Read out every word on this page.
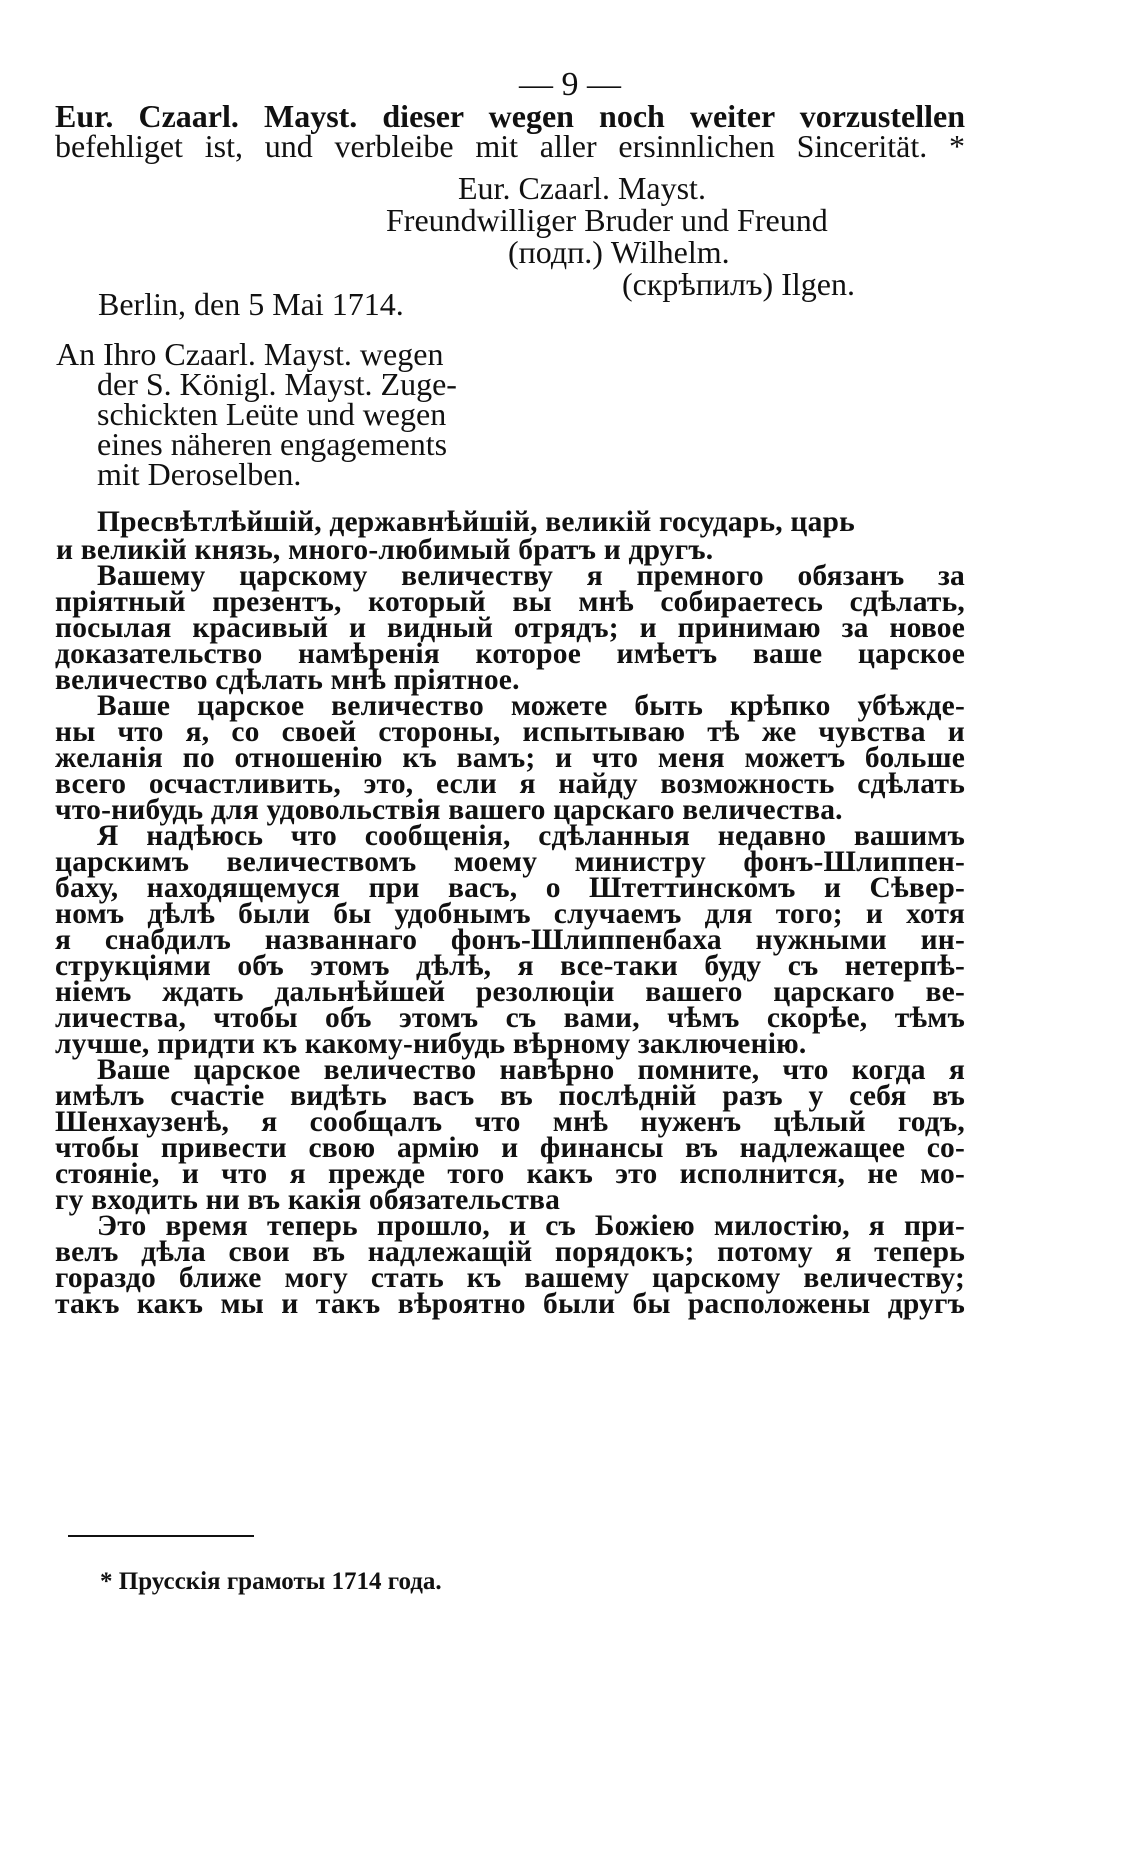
— 9 —
Eur. Czaarl. Mayst. dieser wegen noch weiter vorzustellen
befehliget ist, und verbleibe mit aller ersinnlichen Sincerität. *
Eur. Czaarl. Mayst.
Freundwilliger Bruder und Freund
(подп.) Wilhelm.
(скрѣпилъ) Ilgen.
Berlin, den 5 Mai 1714.
An Ihro Czaarl. Mayst. wegen
der S. Königl. Mayst. Zuge-
schickten Leüte und wegen
eines näheren engagements
mit Deroselben.
Пресвѣтлѣйшій, державнѣйшій, великій государь, царь
и великій князь, много-любимый братъ и другъ.
Вашему царскому величеству я премного обязанъ за
пріятный презентъ, который вы мнѣ собираетесь сдѣлать,
посылая красивый и видный отрядъ; и принимаю за новое
доказательство намѣренія которое имѣетъ ваше царское
величество сдѣлать мнѣ пріятное.
Ваше царское величество можете быть крѣпко убѣжде-
ны что я, со своей стороны, испытываю тѣ же чувства и
желанія по отношенію къ вамъ; и что меня можетъ больше
всего осчастливить, это, если я найду возможность сдѣлать
что-нибудь для удовольствія вашего царскаго величества.
Я надѣюсь что сообщенія, сдѣланныя недавно вашимъ
царскимъ величествомъ моему министру фонъ-Шлиппен-
баху, находящемуся при васъ, о Штеттинскомъ и Сѣвер-
номъ дѣлѣ были бы удобнымъ случаемъ для того; и хотя
я снабдилъ названнаго фонъ-Шлиппенбаха нужными ин-
струкціями объ этомъ дѣлѣ, я все-таки буду съ нетерпѣ-
ніемъ ждать дальнѣйшей резолюціи вашего царскаго ве-
личества, чтобы объ этомъ съ вами, чѣмъ скорѣе, тѣмъ
лучше, придти къ какому-нибудь вѣрному заключенію.
Ваше царское величество навѣрно помните, что когда я
имѣлъ счастіе видѣть васъ въ послѣдній разъ у себя въ
Шенхаузенѣ, я сообщалъ что мнѣ нуженъ цѣлый годъ,
чтобы привести свою армію и финансы въ надлежащее со-
стояніе, и что я прежде того какъ это исполнится, не мо-
гу входить ни въ какія обязательства
Это время теперь прошло, и съ Божіею милостію, я при-
велъ дѣла свои въ надлежащій порядокъ; потому я теперь
гораздо ближе могу стать къ вашему царскому величеству;
такъ какъ мы и такъ вѣроятно были бы расположены другъ
* Прусскія грамоты 1714 года.
